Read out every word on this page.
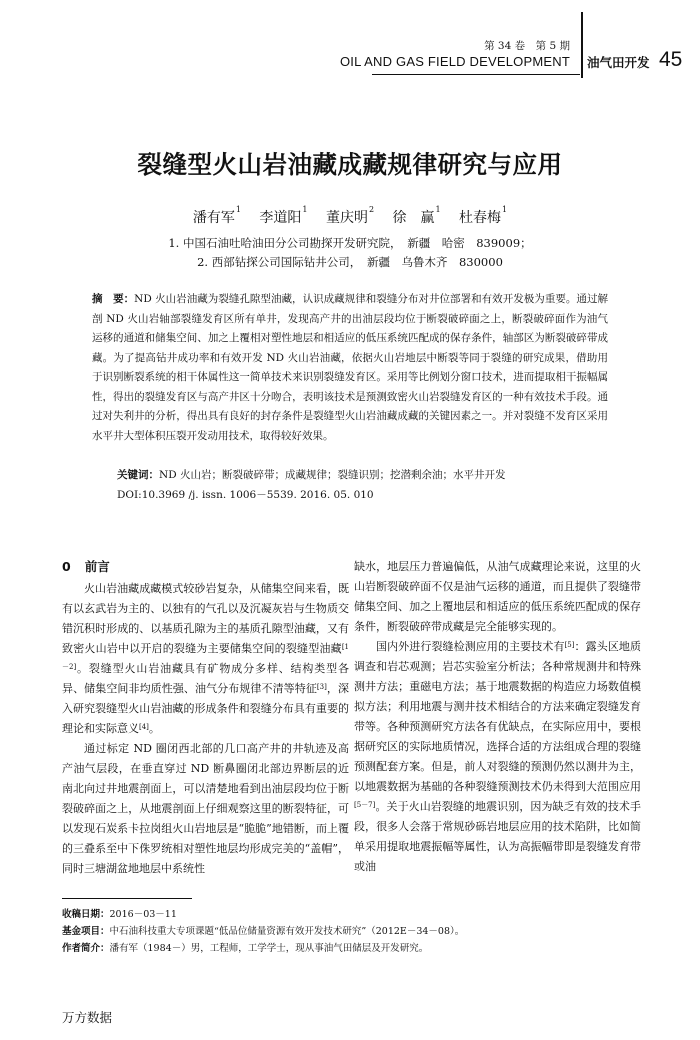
第 34 卷　第 5 期
OIL AND GAS FIELD DEVELOPMENT 油气田开发 45
裂缝型火山岩油藏成藏规律研究与应用
潘有军$^1$ 李道阳$^1$ 董庆明$^2$ 徐　赢$^1$ 杜春梅$^1$
1. 中国石油吐哈油田分公司勘探开发研究院，　新疆　哈密　839009；
2. 西部钻探公司国际钻井公司，　新疆　乌鲁木齐　830000
摘　要：ND 火山岩油藏为裂缝孔隙型油藏，认识成藏规律和裂缝分布对井位部署和有效开发极为重要。通过解剖 ND 火山岩轴部裂缝发育区所有单井，发现高产井的出油层段均位于断裂破碎面之上，断裂破碎面作为油气运移的通道和储集空间、加之上覆相对塑性地层和相适应的低压系统匹配成的保存条件，轴部区为断裂破碎带成藏。为了提高钻井成功率和有效开发 ND 火山岩油藏，依据火山岩地层中断裂等同于裂缝的研究成果，借助用于识别断裂系统的相干体属性这一简单技术来识别裂缝发育区。采用等比例划分窗口技术，进而提取相干振幅属性，得出的裂缝发育区与高产井区十分吻合，表明该技术是预测致密火山岩裂缝发育区的一种有效技术手段。通过对失利井的分析，得出具有良好的封存条件是裂缝型火山岩油藏成藏的关键因素之一。并对裂缝不发育区采用水平井大型体积压裂开发动用技术，取得较好效果。
关键词：ND 火山岩；断裂破碎带；成藏规律；裂缝识别；挖潜剩余油；水平井开发
DOI:10.3969 /j. issn. 1006－5539. 2016. 05. 010
0 前言

火山岩油藏成藏模式较砂岩复杂，从储集空间来看，既有以玄武岩为主的、以独有的气孔以及沉凝灰岩与生物质交错沉积时形成的、以基质孔隙为主的基质孔隙型油藏，又有致密火山岩中以开启的裂缝为主要储集空间的裂缝型油藏[1－2]。裂缝型火山岩油藏具有矿物成分多样、结构类型各异、储集空间非均质性强、油气分布规律不清等特征[3]，深入研究裂缝型火山岩油藏的形成条件和裂缝分布具有重要的理论和实际意义[4]。

通过标定 ND 圈闭西北部的几口高产井的井轨迹及高产油气层段，在垂直穿过 ND 断鼻圈闭北部边界断层的近南北向过井地震剖面上，可以清楚地看到出油层段均位于断裂破碎面之上，从地震剖面上仔细观察这里的断裂特征，可以发现石炭系卡拉岗组火山岩地层是“脆脆”地错断，而上覆的三叠系至中下侏罗统相对塑性地层均形成完美的“盖帽”，同时三塘湖盆地地层中系统性

缺水，地层压力普遍偏低，从油气成藏理论来说，这里的火山岩断裂破碎面不仅是油气运移的通道，而且提供了裂缝带储集空间、加之上覆地层和相适应的低压系统匹配成的保存条件，断裂破碎带成藏是完全能够实现的。

国内外进行裂缝检测应用的主要技术有[5]：露头区地质调查和岩芯观测；岩芯实验室分析法；各种常规测井和特殊测井方法；重磁电方法；基于地震数据的构造应力场数值模拟方法；利用地震与测井技术相结合的方法来确定裂缝发育带等。各种预测研究方法各有优缺点，在实际应用中，要根据研究区的实际地质情况，选择合适的方法组成合理的裂缝预测配套方案。但是，前人对裂缝的预测仍然以测井为主，以地震数据为基础的各种裂缝预测技术仍未得到大范围应用[5－7]。关于火山岩裂缝的地震识别，因为缺乏有效的技术手段，很多人会落于常规砂砾岩地层应用的技术陷阱，比如简单采用提取地震振幅等属性，认为高振幅带即是裂缝发育带或油

收稿日期：2016－03－11
基金项目：中石油科技重大专项课题“低品位储量资源有效开发技术研究”（2012E－34－08）。
作者简介：潘有军（1984－）男，工程师，工学学士，现从事油气田储层及开发研究。
万方数据
